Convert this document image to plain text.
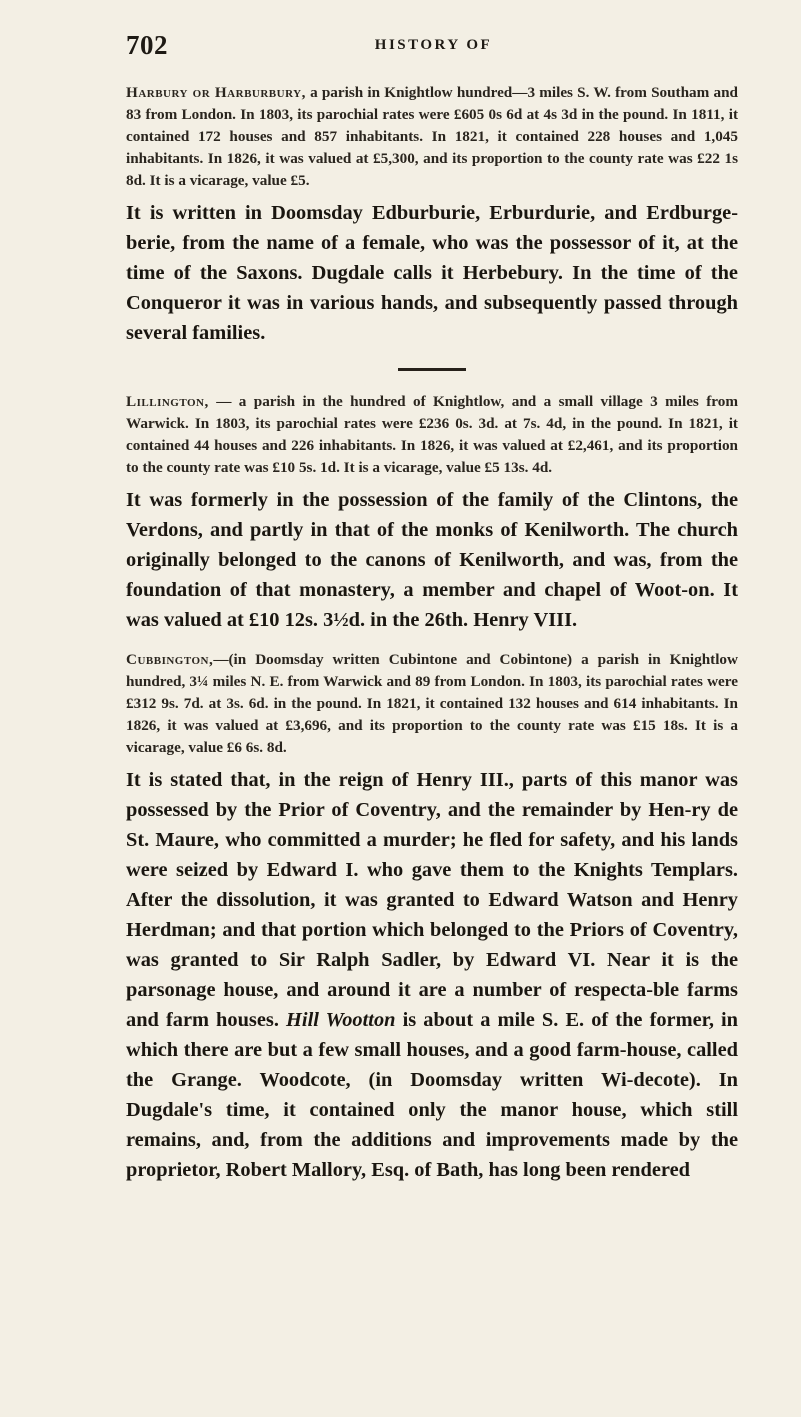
702	HISTORY OF

Harbury or Harburbury, a parish in Knightlow hundred—3 miles S. W. from Southam and 83 from London. In 1803, its parochial rates were £605 0s 6d at 4s 3d in the pound. In 1811, it contained 172 houses and 857 inhabitants. In 1821, it contained 228 houses and 1,045 inhabitants. In 1826, it was valued at £5,300, and its proportion to the county rate was £22 1s 8d. It is a vicarage, value £5.

It is written in Doomsday Edburburie, Erburdurie, and Erdburge-berie, from the name of a female, who was the possessor of it, at the time of the Saxons. Dugdale calls it Herbebury. In the time of the Conqueror it was in various hands, and subsequently passed through several families.

Lillington, — a parish in the hundred of Knightlow, and a small village 3 miles from Warwick. In 1803, its parochial rates were £236 0s. 3d. at 7s. 4d, in the pound. In 1821, it contained 44 houses and 226 inhabitants. In 1826, it was valued at £2,461, and its proportion to the county rate was £10 5s. 1d. It is a vicarage, value £5 13s. 4d.

It was formerly in the possession of the family of the Clintons, the Verdons, and partly in that of the monks of Kenilworth. The church originally belonged to the canons of Kenilworth, and was, from the foundation of that monastery, a member and chapel of Woot-on. It was valued at £10 12s. 3½d. in the 26th. Henry VIII.

Cubbington,—(in Doomsday written Cubintone and Cobintone) a parish in Knightlow hundred, 3¼ miles N. E. from Warwick and 89 from London. In 1803, its parochial rates were £312 9s. 7d. at 3s. 6d. in the pound. In 1821, it contained 132 houses and 614 inhabitants. In 1826, it was valued at £3,696, and its proportion to the county rate was £15 18s. It is a vicarage, value £6 6s. 8d.

It is stated that, in the reign of Henry III., parts of this manor was possessed by the Prior of Coventry, and the remainder by Hen-ry de St. Maure, who committed a murder; he fled for safety, and his lands were seized by Edward I. who gave them to the Knights Templars. After the dissolution, it was granted to Edward Watson and Henry Herdman; and that portion which belonged to the Priors of Coventry, was granted to Sir Ralph Sadler, by Edward VI. Near it is the parsonage house, and around it are a number of respecta-ble farms and farm houses. Hill Wootton is about a mile S. E. of the former, in which there are but a few small houses, and a good farm-house, called the Grange. Woodcote, (in Doomsday written Wi-decote). In Dugdale's time, it contained only the manor house, which still remains, and, from the additions and improvements made by the proprietor, Robert Mallory, Esq. of Bath, has long been rendered
